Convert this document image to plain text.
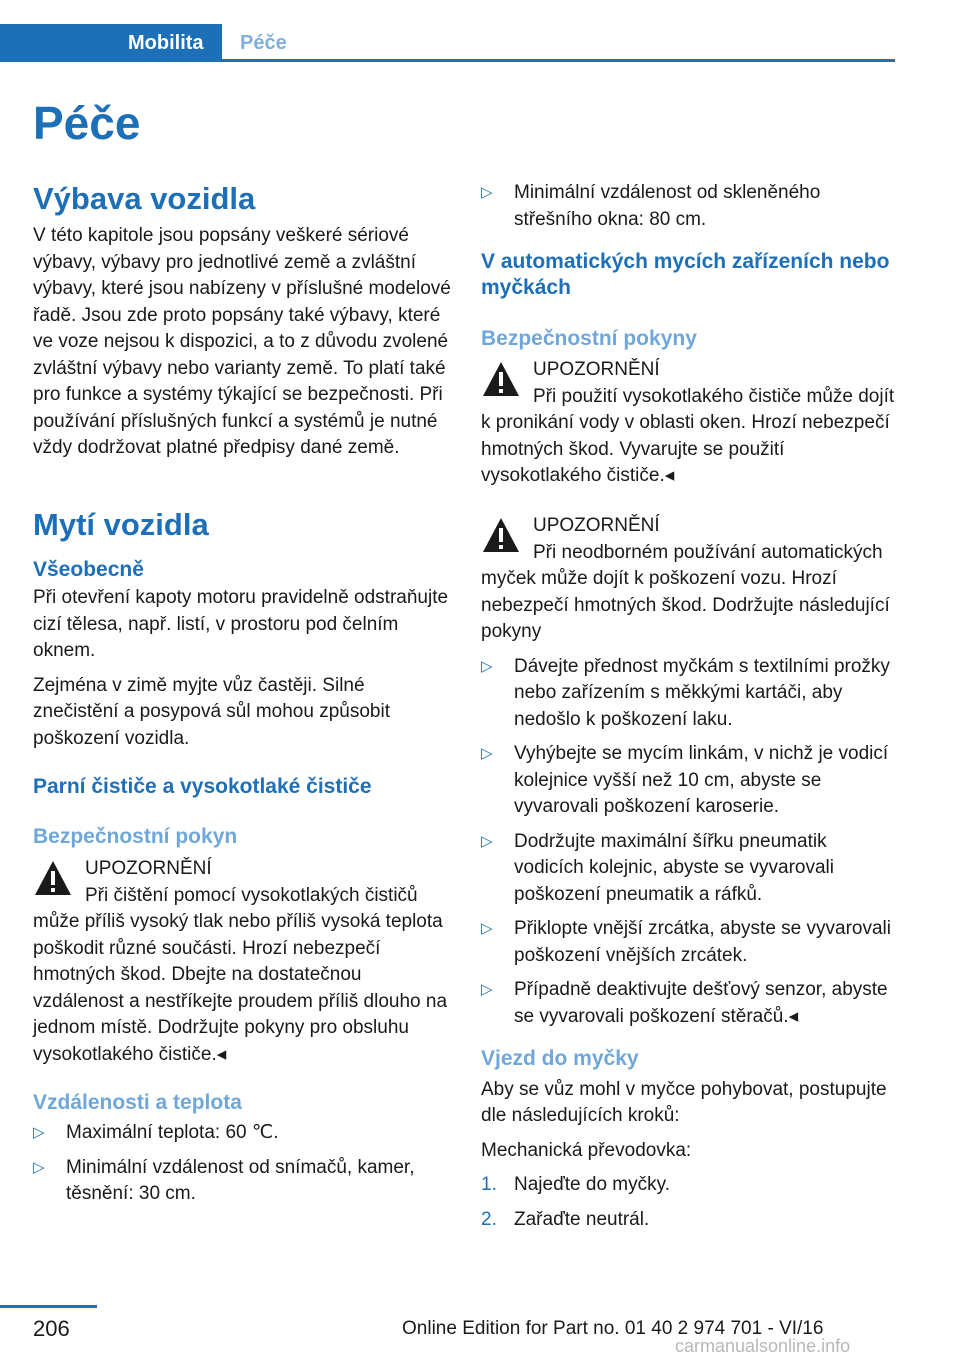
Mobilita	Péče
Péče
Výbava vozidla

V této kapitole jsou popsány veškeré sériové výbavy, výbavy pro jednotlivé země a zvláštní výbavy, které jsou nabízeny v příslušné modelové řadě. Jsou zde proto popsány také výbavy, které ve voze nejsou k dispozici, a to z důvodu zvolené zvláštní výbavy nebo varianty země. To platí také pro funkce a systémy týkající se bezpečnosti. Při používání příslušných funkcí a systémů je nutné vždy dodržovat platné předpisy dané země.

Mytí vozidla
Všeobecně

Při otevření kapoty motoru pravidelně odstraňujte cizí tělesa, např. listí, v prostoru pod čelním oknem.

Zejména v zimě myjte vůz častěji. Silné znečistění a posypová sůl mohou způsobit poškození vozidla.

Parní čističe a vysokotlaké čističe
Bezpečnostní pokyn
UPOZORNĚNÍ

Při čištění pomocí vysokotlakých čističů může příliš vysoký tlak nebo příliš vysoká teplota poškodit různé součásti. Hrozí nebezpečí hmotných škod. Dbejte na dostatečnou vzdálenost a nestříkejte proudem příliš dlouho na jednom místě. Dodržujte pokyny pro obsluhu vysokotlakého čističe.◂

Vzdálenosti a teplota
▷ Maximální teplota: 60 ℃.
▷ Minimální vzdálenost od snímačů, kamer, těsnění: 30 cm.
▷ Minimální vzdálenost od skleněného střešního okna: 80 cm.
V automatických mycích zařízeních nebo myčkách
Bezpečnostní pokyny
UPOZORNĚNÍ

Při použití vysokotlakého čističe může dojít k pronikání vody v oblasti oken. Hrozí nebezpečí hmotných škod. Vyvarujte se použití vysokotlakého čističe.◂

UPOZORNĚNÍ

Při neodborném používání automatických myček může dojít k poškození vozu. Hrozí nebezpečí hmotných škod. Dodržujte následující pokyny

▷ Dávejte přednost myčkám s textilními prožky nebo zařízením s měkkými kartáči, aby nedošlo k poškození laku.
▷ Vyhýbejte se mycím linkám, v nichž je vodicí kolejnice vyšší než 10 cm, abyste se vyvarovali poškození karoserie.
▷ Dodržujte maximální šířku pneumatik vodicích kolejnic, abyste se vyvarovali poškození pneumatik a ráfků.
▷ Přiklopte vnější zrcátka, abyste se vyvarovali poškození vnějších zrcátek.
▷ Případně deaktivujte dešťový senzor, abyste se vyvarovali poškození stěračů.◂
Vjezd do myčky

Aby se vůz mohl v myčce pohybovat, postupujte dle následujících kroků:

Mechanická převodovka:

1. Najeďte do myčky.
2. Zařaďte neutrál.
206	Online Edition for Part no. 01 40 2 974 701 - VI/16
carmanualsonline.info
